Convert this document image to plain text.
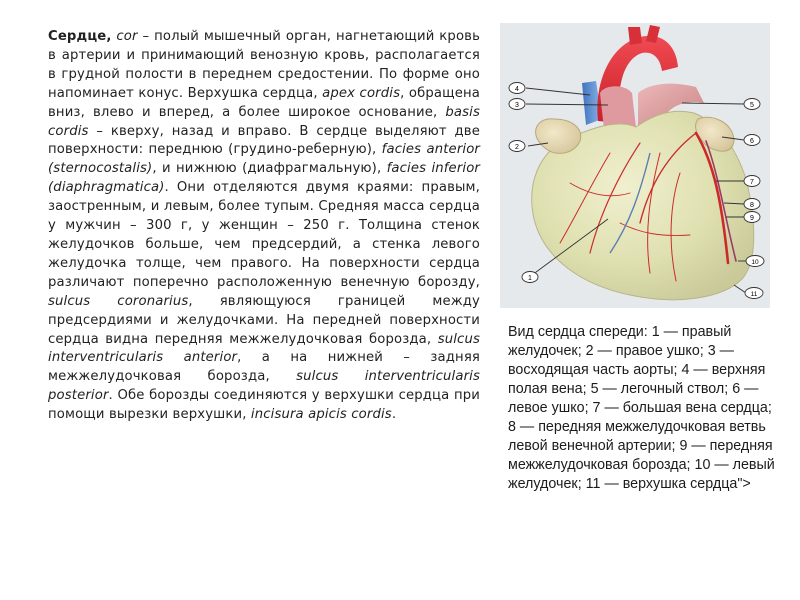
Сердце, cor – полый мышечный орган, нагнетающий кровь в артерии и принимающий венозную кровь, располагается в грудной полости в переднем средостении. По форме оно напоминает конус. Верхушка сердца, apex cordis, обращена вниз, влево и вперед, а более широкое основание, basis cordis – кверху, назад и вправо. В сердце выделяют две поверхности: переднюю (грудино-реберную), facies anterior (sternocostalis), и нижнюю (диафрагмальную), facies inferior (diaphragmatica). Они отделяются двумя краями: правым, заостренным, и левым, более тупым. Средняя масса сердца у мужчин – 300 г, у женщин – 250 г. Толщина стенок желудочков больше, чем предсердий, а стенка левого желудочка толще, чем правого. На поверхности сердца различают поперечно расположенную венечную борозду, sulcus coronarius, являющуюся границей между предсердиями и желудочками. На передней поверхности сердца видна передняя межжелудочковая борозда, sulcus interventricularis anterior, а на нижней – задняя межжелудочковая борозда, sulcus interventricularis posterior. Обе борозды соединяются у верхушки сердца при помощи вырезки верхушки, incisura apicis cordis.
1
2
3
4
5
6
7
8
9
10
11
Вид сердца спереди: 1 — правый желудочек; 2 — правое ушко; 3 — восходящая часть аорты; 4 — верхняя полая вена; 5 — легочный ствол; 6 — левое ушко; 7 — большая вена сердца; 8 — передняя межжелудочковая ветвь левой венечной артерии; 9 — передняя межжелудочковая борозда; 10 — левый желудочек; 11 — верхушка сердца">
